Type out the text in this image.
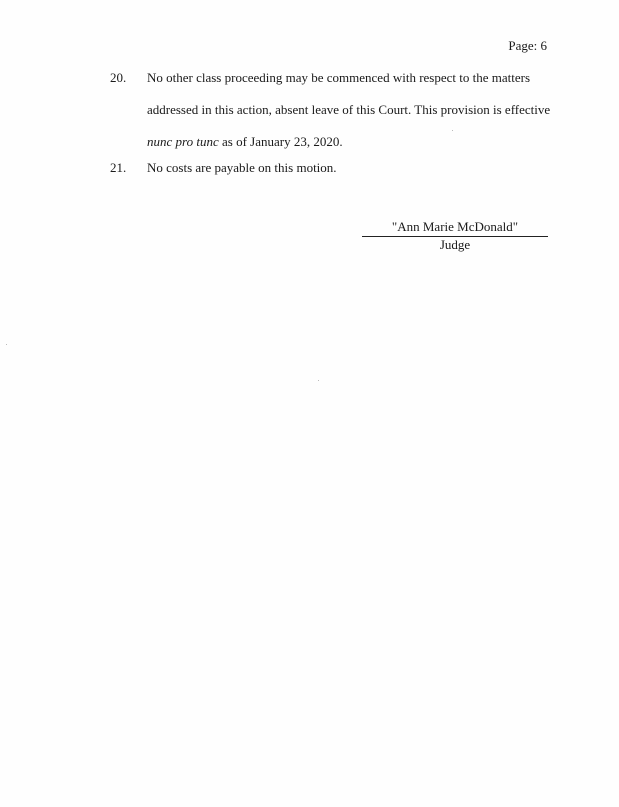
Page: 6
20. No other class proceeding may be commenced with respect to the matters
addressed in this action, absent leave of this Court. This provision is effective
nunc pro tunc as of January 23, 2020.
21. No costs are payable on this motion.
"Ann Marie McDonald"
Judge
